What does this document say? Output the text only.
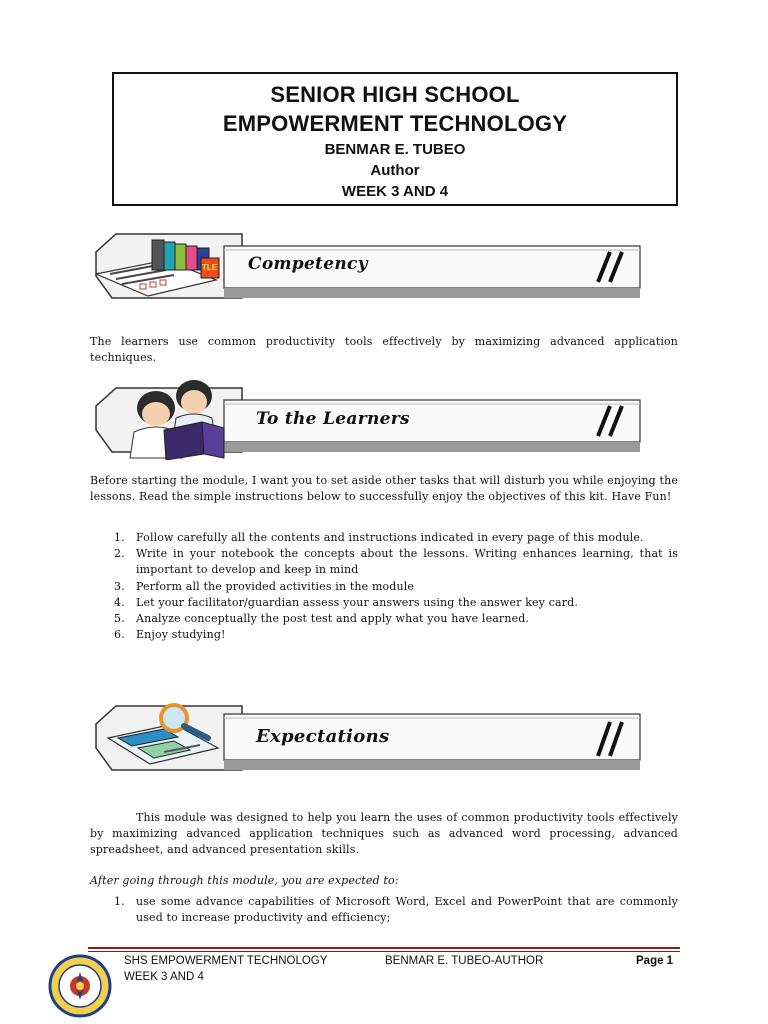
SENIOR HIGH SCHOOL
EMPOWERMENT TECHNOLOGY
BENMAR E. TUBEO
Author
WEEK 3 AND 4
TLE Competency
The learners use common productivity tools effectively by maximizing advanced application techniques.
To the Learners
Before starting the module, I want you to set aside other tasks that will disturb you while enjoying the lessons. Read the simple instructions below to successfully enjoy the objectives of this kit. Have Fun!
1. Follow carefully all the contents and instructions indicated in every page of this module.
2. Write in your notebook the concepts about the lessons. Writing enhances learning, that is important to develop and keep in mind
3. Perform all the provided activities in the module
4. Let your facilitator/guardian assess your answers using the answer key card.
5. Analyze conceptually the post test and apply what you have learned.
6. Enjoy studying!
Expectations
This module was designed to help you learn the uses of common productivity tools effectively by maximizing advanced application techniques such as advanced word processing, advanced spreadsheet, and advanced presentation skills.
After going through this module, you are expected to:
1. use some advance capabilities of Microsoft Word, Excel and PowerPoint that are commonly used to increase productivity and efficiency;
SHS EMPOWERMENT TECHNOLOGY
WEEK 3 AND 4
BENMAR E. TUBEO-AUTHOR	Page 1
